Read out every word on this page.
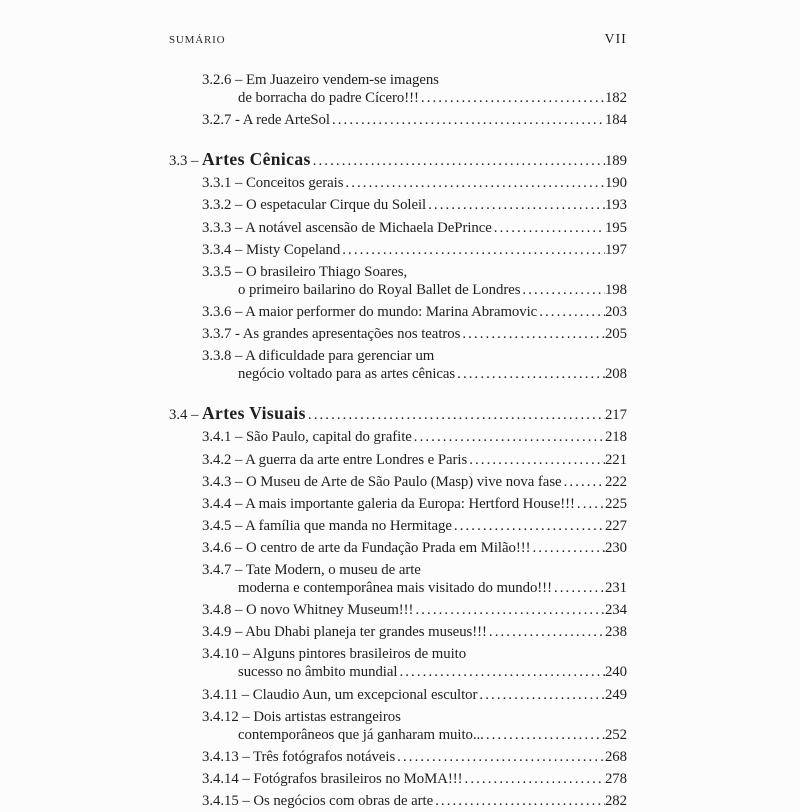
SUMÁRIO	VII
3.2.6 – Em Juazeiro vendem-se imagens
de borracha do padre Cícero!!! .....	182
3.2.7 - A rede ArteSol .....	184
3.3 – Artes Cênicas .....	189
3.3.1 – Conceitos gerais .....	190
3.3.2 – O espetacular Cirque du Soleil .....	193
3.3.3 – A notável ascensão de Michaela DePrince .....	195
3.3.4 – Misty Copeland .....	197
3.3.5 – O brasileiro Thiago Soares,
o primeiro bailarino do Royal Ballet de Londres .....	198
3.3.6 – A maior performer do mundo: Marina Abramovic .....	203
3.3.7 - As grandes apresentações nos teatros .....	205
3.3.8 – A dificuldade para gerenciar um
negócio voltado para as artes cênicas .....	208
3.4 – Artes Visuais .....	217
3.4.1 – São Paulo, capital do grafite .....	218
3.4.2 – A guerra da arte entre Londres e Paris .....	221
3.4.3 – O Museu de Arte de São Paulo (Masp) vive nova fase .....	222
3.4.4 – A mais importante galeria da Europa: Hertford House!!! ..... 225
3.4.5 – A família que manda no Hermitage .....	227
3.4.6 – O centro de arte da Fundação Prada em Milão!!! .....	230
3.4.7 – Tate Modern, o museu de arte
moderna e contemporânea mais visitado do mundo!!! .....	231
3.4.8 – O novo Whitney Museum!!! .....	234
3.4.9 – Abu Dhabi planeja ter grandes museus!!! .....	238
3.4.10 – Alguns pintores brasileiros de muito
sucesso no âmbito mundial .....	240
3.4.11 – Claudio Aun, um excepcional escultor .....	249
3.4.12 – Dois artistas estrangeiros
contemporâneos que já ganharam muito... .....	252
3.4.13 – Três fotógrafos notáveis .....	268
3.4.14 – Fotógrafos brasileiros no MoMA!!! .....	278
3.4.15 – Os negócios com obras de arte .....	282
